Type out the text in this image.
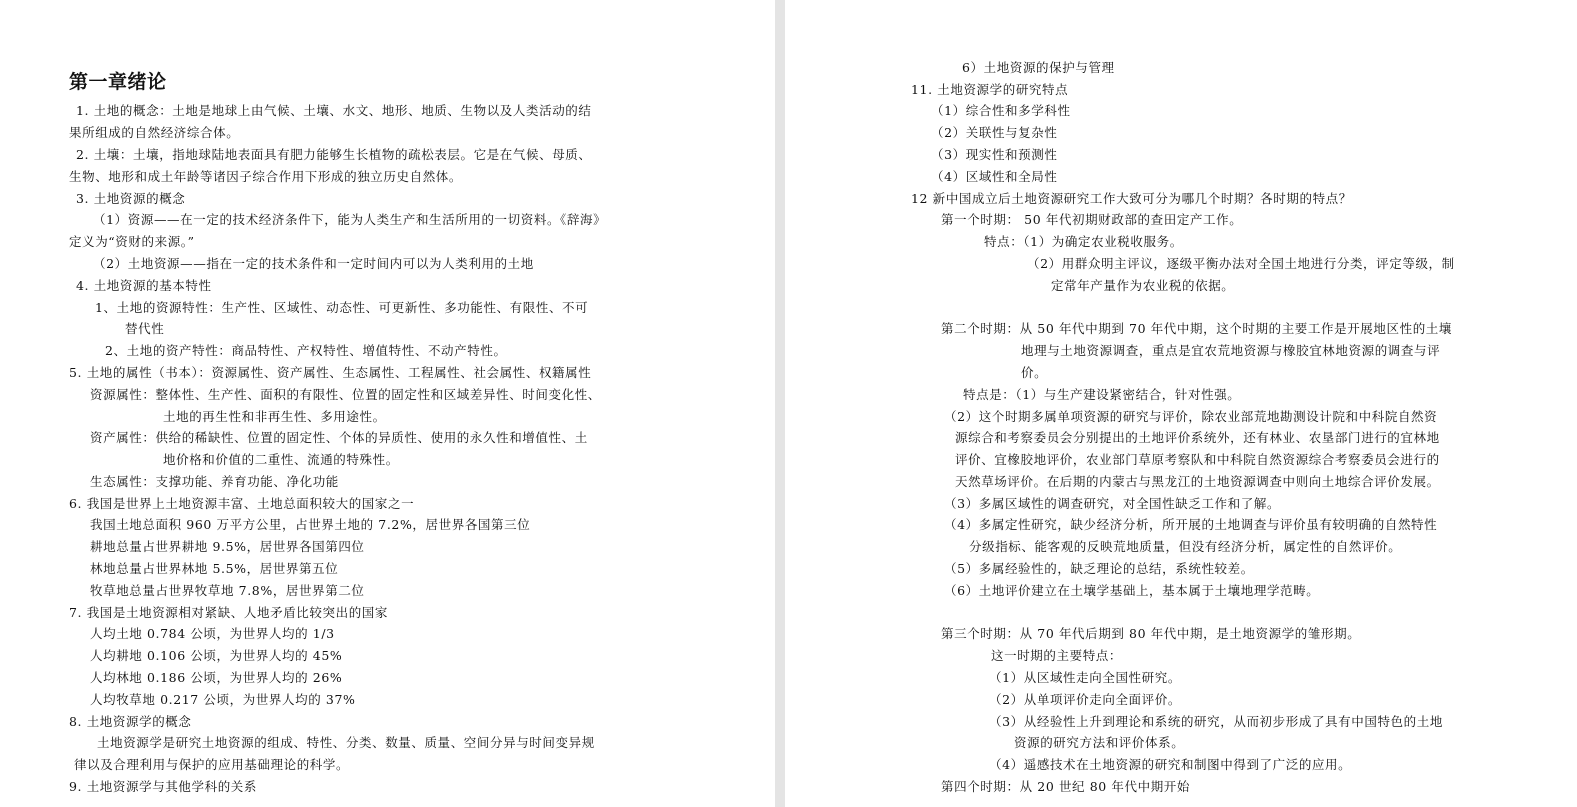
第一章绪论
1. 土地的概念：土地是地球上由气候、土壤、水文、地形、地质、生物以及人类活动的结
果所组成的自然经济综合体。
2. 土壤：土壤，指地球陆地表面具有肥力能够生长植物的疏松表层。它是在气候、母质、
生物、地形和成土年龄等诸因子综合作用下形成的独立历史自然体。
3. 土地资源的概念
（1）资源——在一定的技术经济条件下，能为人类生产和生活所用的一切资料。《辞海》
定义为“资财的来源。”
（2）土地资源——指在一定的技术条件和一定时间内可以为人类利用的土地
4. 土地资源的基本特性
1、土地的资源特性：生产性、区域性、动态性、可更新性、多功能性、有限性、不可
替代性
2、土地的资产特性：商品特性、产权特性、增值特性、不动产特性。
5. 土地的属性（书本）：资源属性、资产属性、生态属性、工程属性、社会属性、权籍属性
资源属性：整体性、生产性、面积的有限性、位置的固定性和区域差异性、时间变化性、
土地的再生性和非再生性、多用途性。
资产属性：供给的稀缺性、位置的固定性、个体的异质性、使用的永久性和增值性、土
地价格和价值的二重性、流通的特殊性。
生态属性：支撑功能、养育功能、净化功能
6. 我国是世界上土地资源丰富、土地总面积较大的国家之一
我国土地总面积 960 万平方公里，占世界土地的 7.2%，居世界各国第三位
耕地总量占世界耕地 9.5%，居世界各国第四位
林地总量占世界林地 5.5%，居世界第五位
牧草地总量占世界牧草地 7.8%，居世界第二位
7. 我国是土地资源相对紧缺、人地矛盾比较突出的国家
人均土地 0.784 公顷，为世界人均的 1/3
人均耕地 0.106 公顷，为世界人均的 45%
人均林地 0.186 公顷，为世界人均的 26%
人均牧草地 0.217 公顷，为世界人均的 37%
8. 土地资源学的概念
土地资源学是研究土地资源的组成、特性、分类、数量、质量、空间分异与时间变异规
律以及合理利用与保护的应用基础理论的科学。
9. 土地资源学与其他学科的关系
6）土地资源的保护与管理
11. 土地资源学的研究特点
（1）综合性和多学科性
（2）关联性与复杂性
（3）现实性和预测性
（4）区域性和全局性
12 新中国成立后土地资源研究工作大致可分为哪几个时期？各时期的特点？
第一个时期： 50 年代初期财政部的查田定产工作。
特点：（1）为确定农业税收服务。
（2）用群众明主评议，逐级平衡办法对全国土地进行分类，评定等级，制
定常年产量作为农业税的依据。
第二个时期：从 50 年代中期到 70 年代中期，这个时期的主要工作是开展地区性的土壤
地理与土地资源调查，重点是宜农荒地资源与橡胶宜林地资源的调查与评
价。
特点是：（1）与生产建设紧密结合，针对性强。
（2）这个时期多属单项资源的研究与评价，除农业部荒地勘测设计院和中科院自然资
源综合和考察委员会分别提出的土地评价系统外，还有林业、农垦部门进行的宜林地
评价、宜橡胶地评价，农业部门草原考察队和中科院自然资源综合考察委员会进行的
天然草场评价。在后期的内蒙古与黑龙江的土地资源调查中则向土地综合评价发展。
（3）多属区域性的调查研究，对全国性缺乏工作和了解。
（4）多属定性研究，缺少经济分析，所开展的土地调查与评价虽有较明确的自然特性
分级指标、能客观的反映荒地质量，但没有经济分析，属定性的自然评价。
（5）多属经验性的，缺乏理论的总结，系统性较差。
（6）土地评价建立在土壤学基础上，基本属于土壤地理学范畴。
第三个时期：从 70 年代后期到 80 年代中期，是土地资源学的雏形期。
这一时期的主要特点：
（1）从区域性走向全国性研究。
（2）从单项评价走向全面评价。
（3）从经验性上升到理论和系统的研究，从而初步形成了具有中国特色的土地
资源的研究方法和评价体系。
（4）遥感技术在土地资源的研究和制图中得到了广泛的应用。
第四个时期：从 20 世纪 80 年代中期开始
